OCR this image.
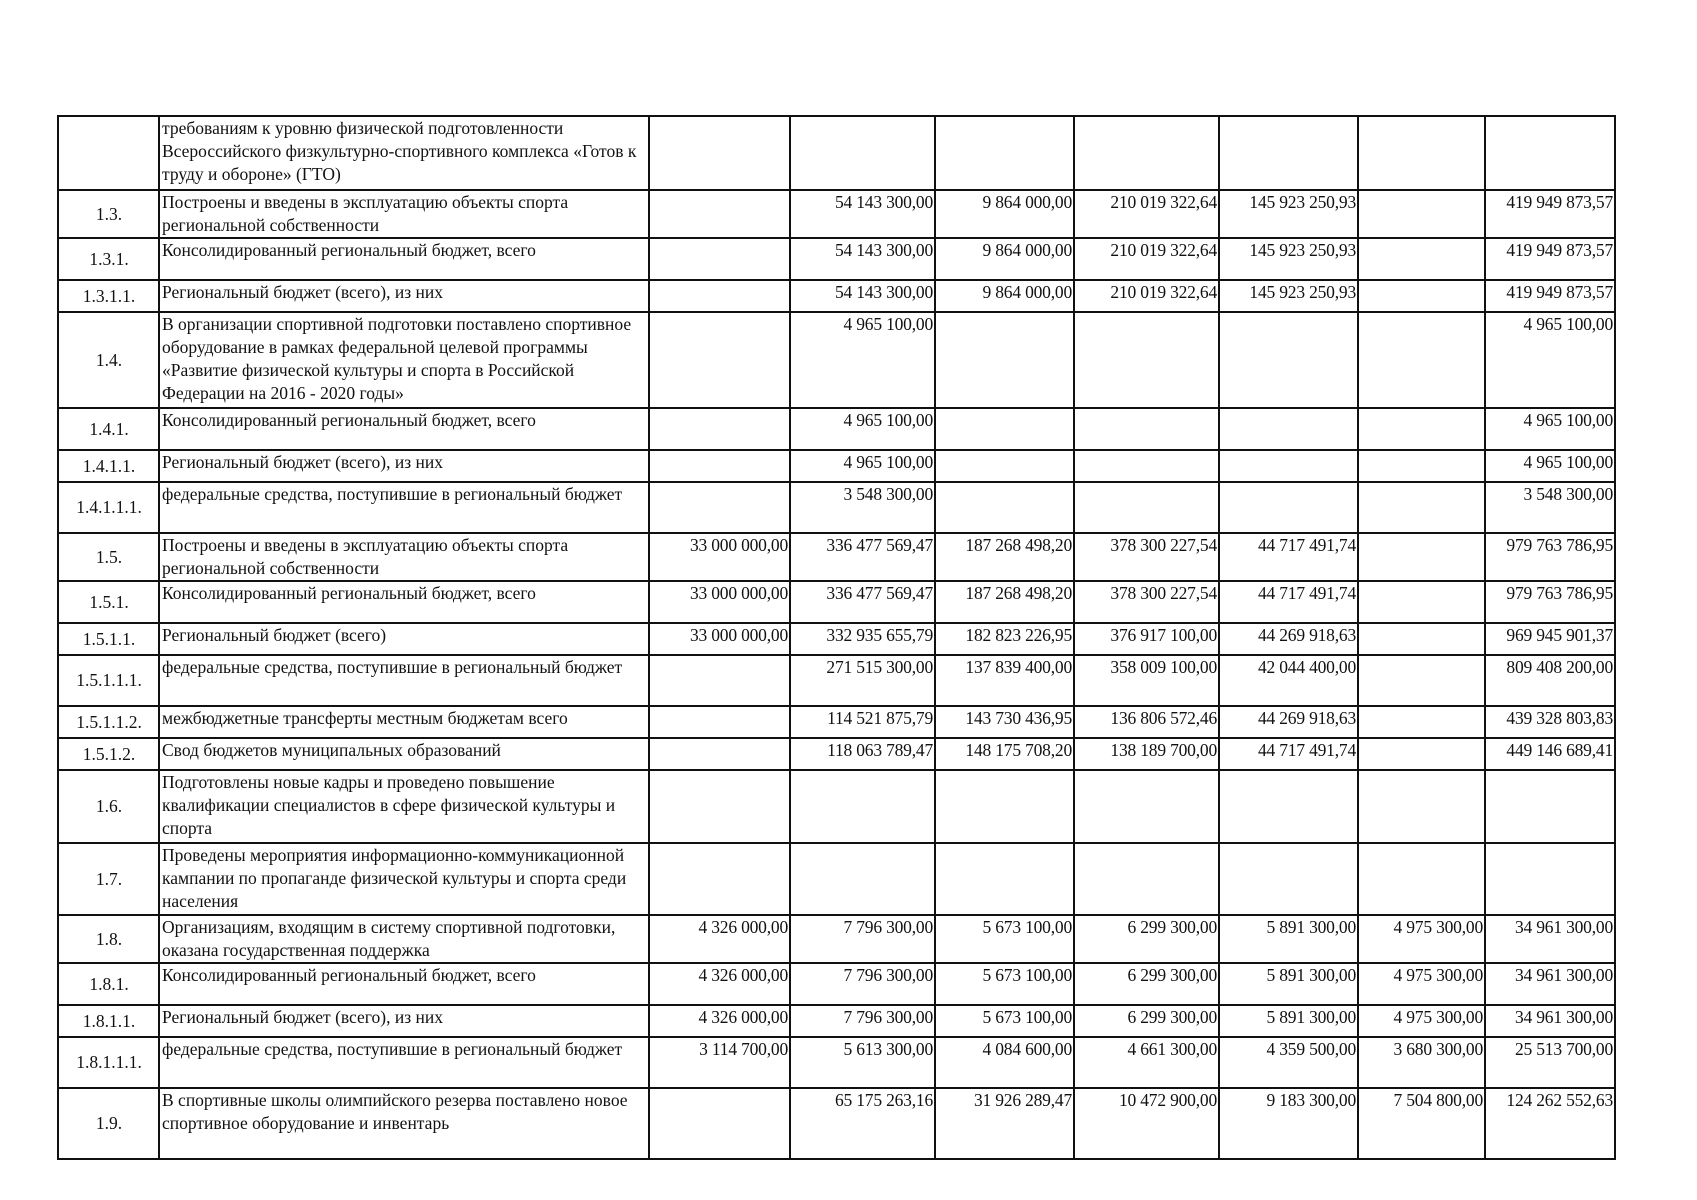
	требованиям к уровню физической подготовленности Всероссийского физкультурно-спортивного комплекса «Готов к труду и обороне» (ГТО)							
1.3.	Построены и введены в эксплуатацию объекты спорта региональной собственности		54 143 300,00	9 864 000,00	210 019 322,64	145 923 250,93		419 949 873,57
1.3.1.	Консолидированный региональный бюджет, всего		54 143 300,00	9 864 000,00	210 019 322,64	145 923 250,93		419 949 873,57
1.3.1.1.	Региональный бюджет (всего), из них		54 143 300,00	9 864 000,00	210 019 322,64	145 923 250,93		419 949 873,57
1.4.	В организации спортивной подготовки поставлено спортивное оборудование в рамках федеральной целевой программы «Развитие физической культуры и спорта в Российской Федерации на 2016 - 2020 годы»		4 965 100,00					4 965 100,00
1.4.1.	Консолидированный региональный бюджет, всего		4 965 100,00					4 965 100,00
1.4.1.1.	Региональный бюджет (всего), из них		4 965 100,00					4 965 100,00
1.4.1.1.1.	федеральные средства, поступившие в региональный бюджет		3 548 300,00					3 548 300,00
1.5.	Построены и введены в эксплуатацию объекты спорта региональной собственности	33 000 000,00	336 477 569,47	187 268 498,20	378 300 227,54	44 717 491,74		979 763 786,95
1.5.1.	Консолидированный региональный бюджет, всего	33 000 000,00	336 477 569,47	187 268 498,20	378 300 227,54	44 717 491,74		979 763 786,95
1.5.1.1.	Региональный бюджет (всего)	33 000 000,00	332 935 655,79	182 823 226,95	376 917 100,00	44 269 918,63		969 945 901,37
1.5.1.1.1.	федеральные средства, поступившие в региональный бюджет		271 515 300,00	137 839 400,00	358 009 100,00	42 044 400,00		809 408 200,00
1.5.1.1.2.	межбюджетные трансферты местным бюджетам всего		114 521 875,79	143 730 436,95	136 806 572,46	44 269 918,63		439 328 803,83
1.5.1.2.	Свод бюджетов муниципальных образований		118 063 789,47	148 175 708,20	138 189 700,00	44 717 491,74		449 146 689,41
1.6.	Подготовлены новые кадры и проведено повышение квалификации специалистов в сфере физической культуры и спорта							
1.7.	Проведены мероприятия информационно-коммуникационной кампании по пропаганде физической культуры и спорта среди населения							
1.8.	Организациям, входящим в систему спортивной подготовки, оказана государственная поддержка	4 326 000,00	7 796 300,00	5 673 100,00	6 299 300,00	5 891 300,00	4 975 300,00	34 961 300,00
1.8.1.	Консолидированный региональный бюджет, всего	4 326 000,00	7 796 300,00	5 673 100,00	6 299 300,00	5 891 300,00	4 975 300,00	34 961 300,00
1.8.1.1.	Региональный бюджет (всего), из них	4 326 000,00	7 796 300,00	5 673 100,00	6 299 300,00	5 891 300,00	4 975 300,00	34 961 300,00
1.8.1.1.1.	федеральные средства, поступившие в региональный бюджет	3 114 700,00	5 613 300,00	4 084 600,00	4 661 300,00	4 359 500,00	3 680 300,00	25 513 700,00
1.9.	В спортивные школы олимпийского резерва поставлено новое спортивное оборудование и инвентарь		65 175 263,16	31 926 289,47	10 472 900,00	9 183 300,00	7 504 800,00	124 262 552,63
